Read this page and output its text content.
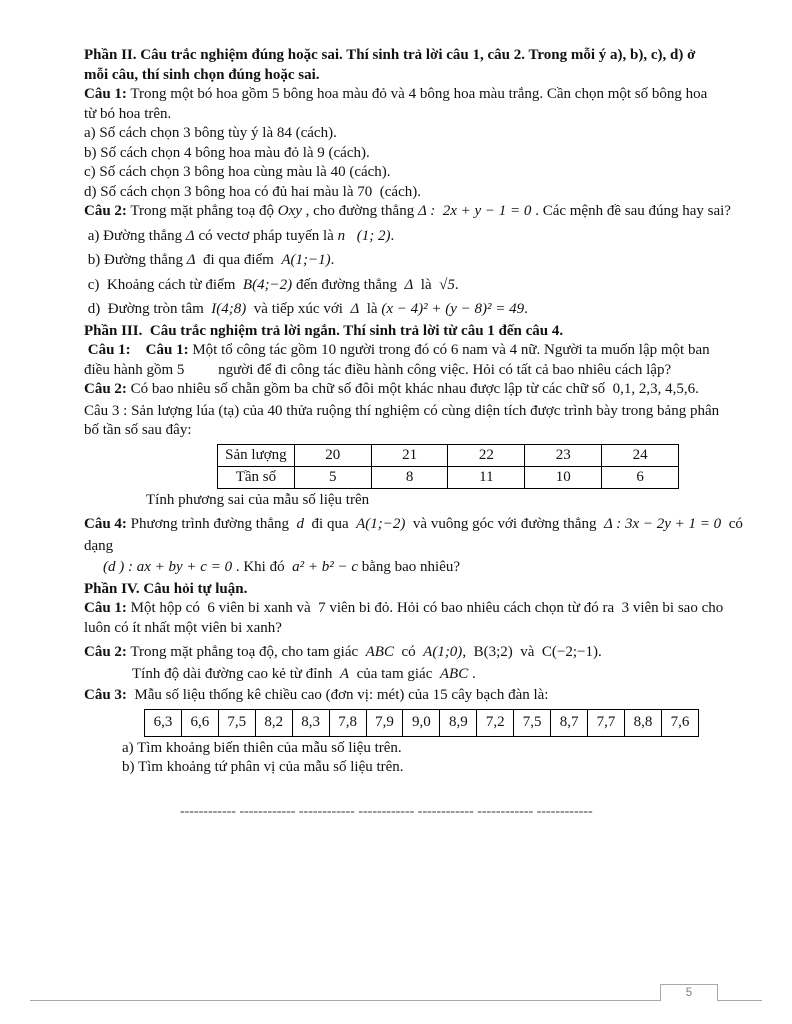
Phần II. Câu trắc nghiệm đúng hoặc sai. Thí sinh trả lời câu 1, câu 2. Trong mỗi ý a), b), c), d) ở
mỗi câu, thí sinh chọn đúng hoặc sai.
Câu 1: Trong một bó hoa gồm 5 bông hoa màu đỏ và 4 bông hoa màu trắng. Cần chọn một số bông hoa
từ bó hoa trên.
a) Số cách chọn 3 bông tùy ý là 84 (cách).
b) Số cách chọn 4 bông hoa màu đỏ là 9 (cách).
c) Số cách chọn 3 bông hoa cùng màu là 40 (cách).
d) Số cách chọn 3 bông hoa có đủ hai màu là 70  (cách).
Câu 2: Trong mặt phẳng toạ độ Oxy , cho đường thẳng Δ :  2x + y − 1 = 0 . Các mệnh đề sau đúng hay sai?
a) Đường thẳng Δ có vectơ pháp tuyến là n⃗(1; 2).
b) Đường thẳng Δ  đi qua điểm  A(1;−1).
c)  Khoảng cách từ điểm  B(4;−2) đến đường thẳng  Δ  là  √5.
d)  Đường tròn tâm  I(4;8)  và tiếp xúc với  Δ  là (x − 4)² + (y − 8)² = 49.
Phần III.  Câu trắc nghiệm trả lời ngắn. Thí sinh trả lời từ câu 1 đến câu 4.
Câu 1: Câu 1: Một tổ công tác gồm 10 người trong đó có 6 nam và 4 nữ. Người ta muốn lập một ban
điều hành gồm 5         người để đi công tác điều hành công việc. Hỏi có tất cả bao nhiêu cách lập?
Câu 2: Có bao nhiêu số chẵn gồm ba chữ số đôi một khác nhau được lập từ các chữ số  0,1, 2,3, 4,5,6.
Câu 3 : Sản lượng lúa (tạ) của 40 thửa ruộng thí nghiệm có cùng diện tích được trình bày trong bảng phân
bố tần số sau đây:
Sản lượng	20	21	22	23	24
Tần số	5	8	11	10	6
Tính phương sai của mẫu số liệu trên
Câu 4: Phương trình đường thẳng  d  đi qua  A(1;−2)  và vuông góc với đường thẳng  Δ : 3x − 2y + 1 = 0  có
dạng
(d ) : ax + by + c = 0 . Khi đó  a² + b² − c bằng bao nhiêu?
Phần IV. Câu hỏi tự luận.
Câu 1: Một hộp có  6 viên bi xanh và  7 viên bi đỏ. Hỏi có bao nhiêu cách chọn từ đó ra  3 viên bi sao cho
luôn có ít nhất một viên bi xanh?
Câu 2: Trong mặt phẳng toạ độ, cho tam giác  ABC  có  A(1;0),  B(3;2)  và  C(−2;−1).
Tính độ dài đường cao kẻ từ đỉnh  A  của tam giác  ABC .
Câu 3:  Mẫu số liệu thống kê chiều cao (đơn vị: mét) của 15 cây bạch đàn là:
6,3	6,6	7,5	8,2	8,3	7,8	7,9	9,0	8,9	7,2	7,5	8,7	7,7	8,8	7,6
a) Tìm khoảng biến thiên của mẫu số liệu trên.
b) Tìm khoảng tứ phân vị của mẫu số liệu trên.
------------ ------------ ------------ ------------ ------------ ------------ ------------
5
